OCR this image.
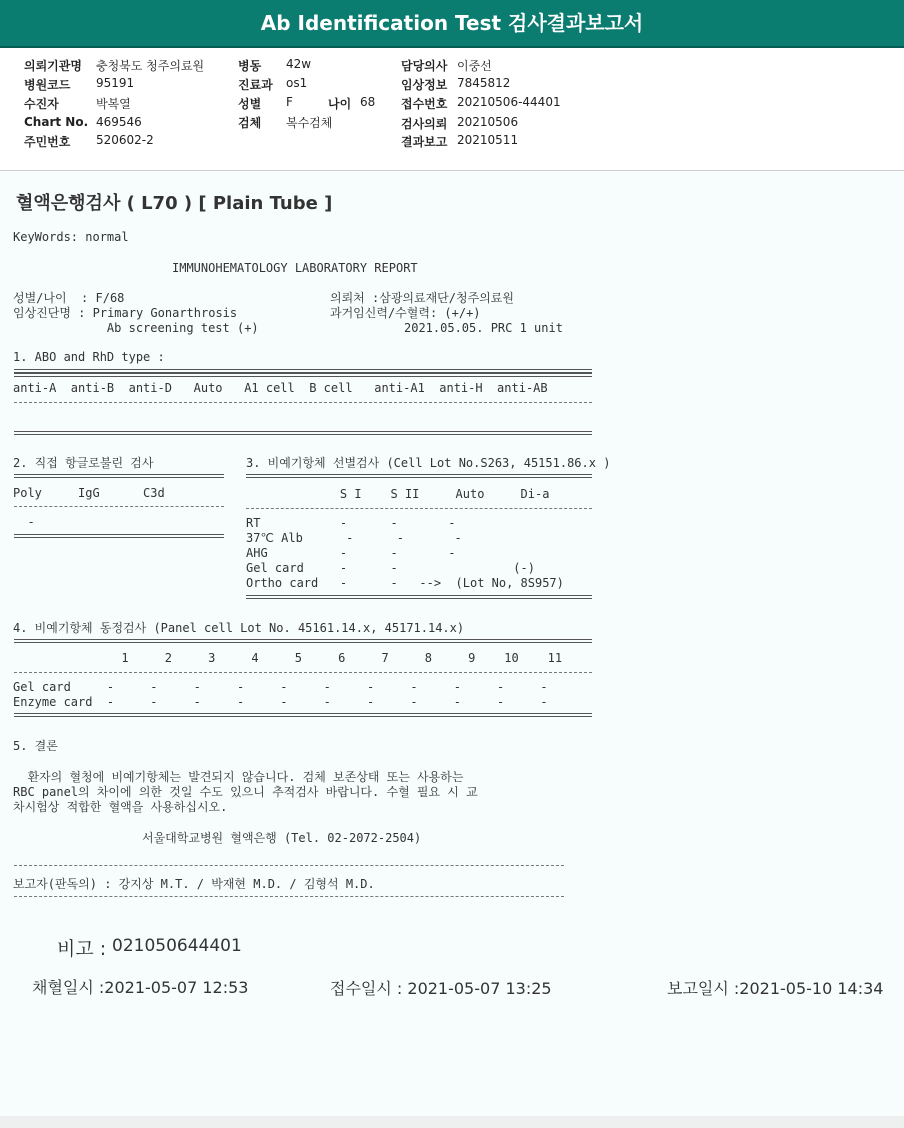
Ab Identification Test 검사결과보고서
의뢰기관명 충청북도 청주의료원
병원코드 95191
수진자	박복열
Chart No. 469546
주민번호 520602-2
병동 42w
진료과 os1
성별 F	나이 68
검체 복수검체
담당의사 이중선
임상정보 7845812
접수번호 20210506-44401
검사의뢰 20210506
결과보고 20210511
혈액은행검사 ( L70 ) [ Plain Tube ]
KeyWords: normal
IMMUNOHEMATOLOGY LABORATORY REPORT
성별/나이  : F/68
임상진단명 : Primary Gonarthrosis
Ab screening test (+)
의뢰처 :삼광의료재단/청주의료원
과거임신력/수혈력: (+/+)
2021.05.05. PRC 1 unit
1. ABO and RhD type :
anti-A  anti-B  anti-D   Auto   A1 cell  B cell   anti-A1  anti-H  anti-AB
2. 직접 항글로불린 검사
Poly     IgG      C3d
-
3. 비예기항체 선별검사 (Cell Lot No.S263, 45151.86.x )
S I    S II     Auto     Di-a
RT           -      -       -
37℃ Alb      -      -       -
AHG          -      -       -
Gel card     -      -                (-)
Ortho card   -      -   -->  (Lot No, 8S957)
4. 비예기항체 동정검사 (Panel cell Lot No. 45161.14.x, 45171.14.x)
1     2     3     4     5     6     7     8     9    10    11
Gel card     -     -     -     -     -     -     -     -     -     -     -
Enzyme card  -     -     -     -     -     -     -     -     -     -     -
5. 결론
환자의 혈청에 비예기항체는 발견되지 않습니다. 검체 보존상태 또는 사용하는
RBC panel의 차이에 의한 것일 수도 있으니 추적검사 바랍니다. 수혈 필요 시 교
차시험상 적합한 혈액을 사용하십시오.
서울대학교병원 혈액은행 (Tel. 02-2072-2504)
보고자(판독의) : 강지상 M.T. / 박재현 M.D. / 김형석 M.D.
비고 : 021050644401
채혈일시 :2021-05-07 12:53	접수일시 : 2021-05-07 13:25	보고일시 :2021-05-10 14:34
